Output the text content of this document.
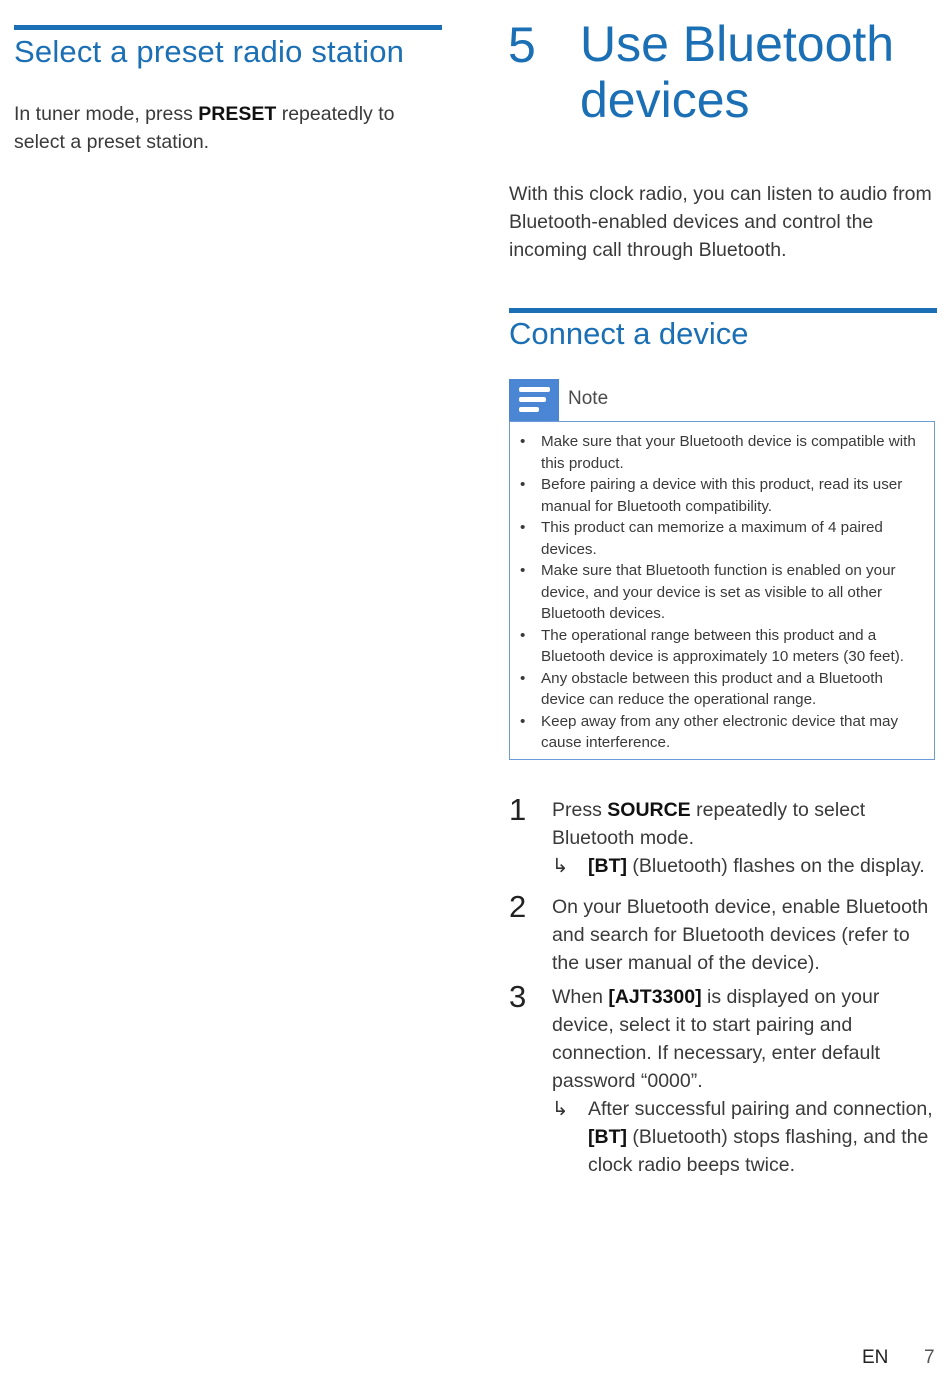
Select a preset radio station

In tuner mode, press PRESET repeatedly to select a preset station.

5 Use Bluetooth devices

With this clock radio, you can listen to audio from Bluetooth-enabled devices and control the incoming call through Bluetooth.

Connect a device
Note
• Make sure that your Bluetooth device is compatible with this product.
• Before pairing a device with this product, read its user manual for Bluetooth compatibility.
• This product can memorize a maximum of 4 paired devices.
• Make sure that Bluetooth function is enabled on your device, and your device is set as visible to all other Bluetooth devices.
• The operational range between this product and a Bluetooth device is approximately 10 meters (30 feet).
• Any obstacle between this product and a Bluetooth device can reduce the operational range.
• Keep away from any other electronic device that may cause interference.
1 Press SOURCE repeatedly to select Bluetooth mode.
↳ [BT] (Bluetooth) flashes on the display.
2 On your Bluetooth device, enable Bluetooth and search for Bluetooth devices (refer to the user manual of the device).
3 When [AJT3300] is displayed on your device, select it to start pairing and connection. If necessary, enter default password “0000”.
↳ After successful pairing and connection, [BT] (Bluetooth) stops flashing, and the clock radio beeps twice.
EN 7
